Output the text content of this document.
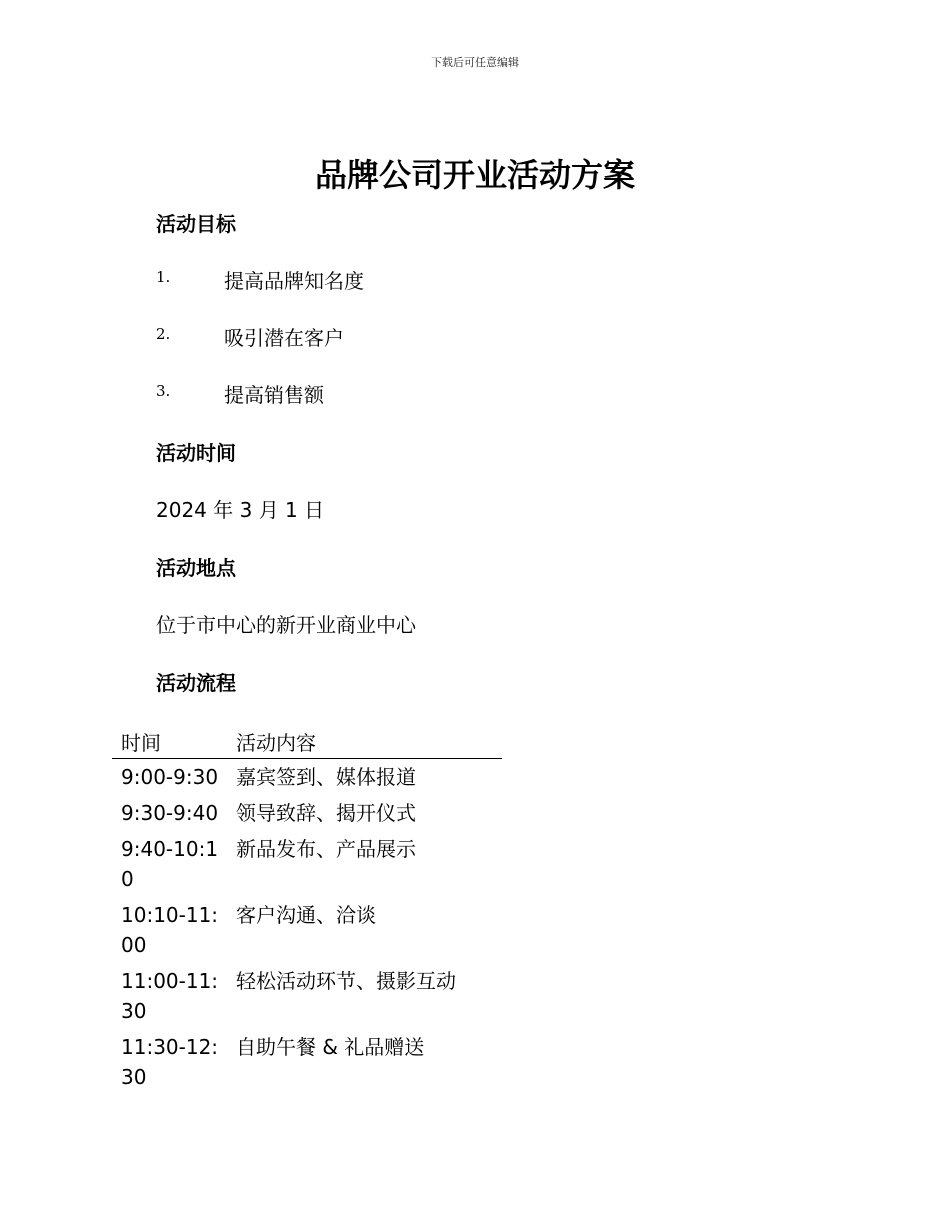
下载后可任意编辑
品牌公司开业活动方案
活动目标
1.	提高品牌知名度
2.	吸引潜在客户
3.	提高销售额
活动时间
2024 年 3 月 1 日
活动地点
位于市中心的新开业商业中心
活动流程
时间	活动内容
9:00-9:30	嘉宾签到、媒体报道
9:30-9:40	领导致辞、揭开仪式
9:40-10:10	新品发布、产品展示
10:10-11:00	客户沟通、洽谈
11:00-11:30	轻松活动环节、摄影互动
11:30-12:30	自助午餐 & 礼品赠送
